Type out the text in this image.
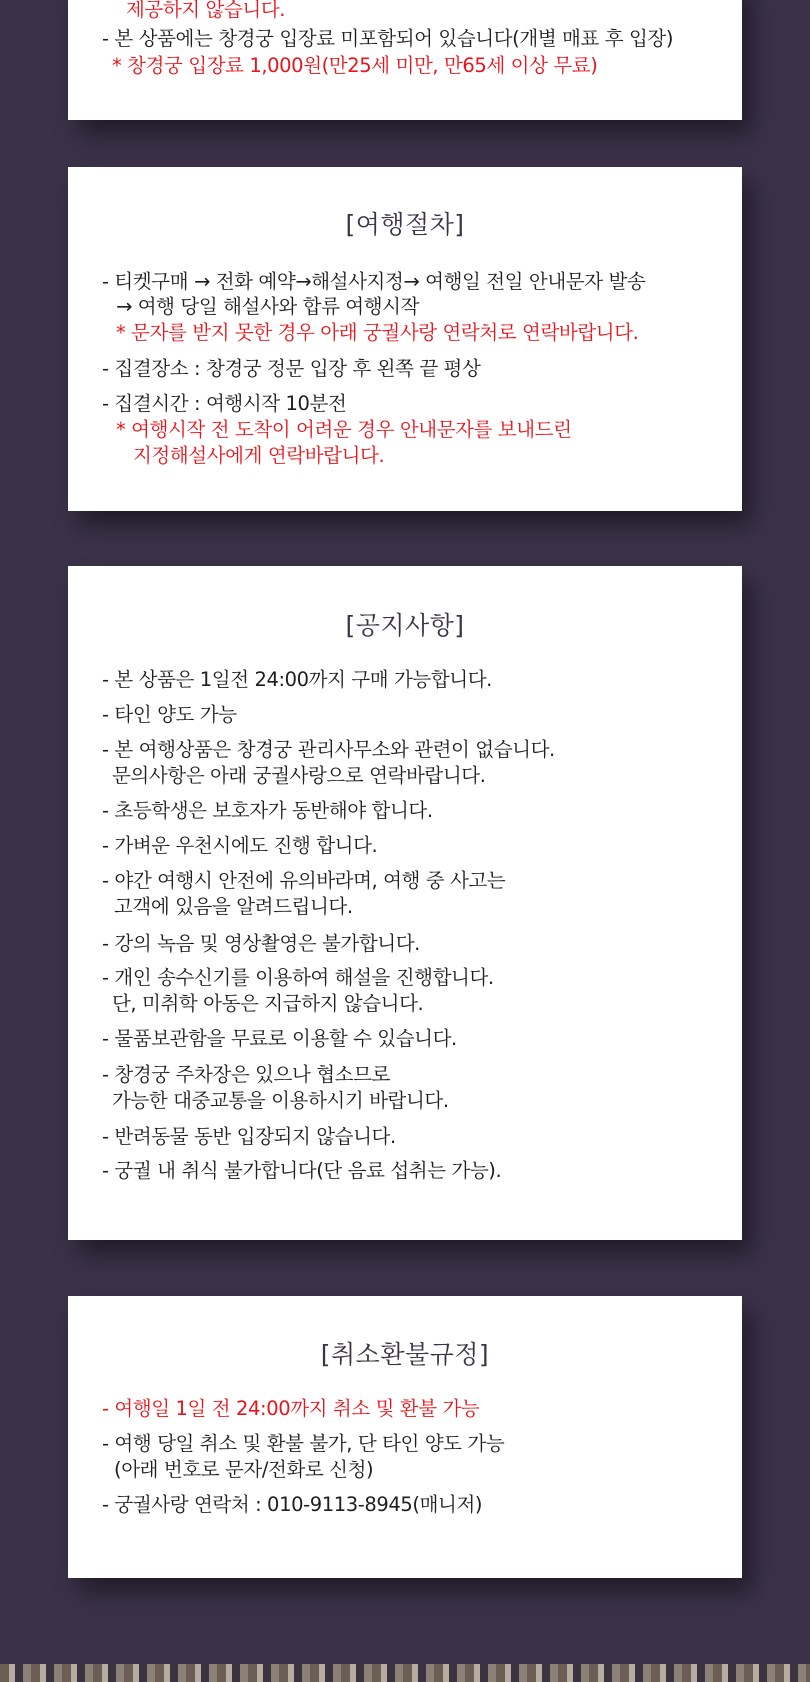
제공하지 않습니다.
- 본 상품에는 창경궁 입장료 미포함되어 있습니다(개별 매표 후 입장)
* 창경궁 입장료 1,000원(만25세 미만, 만65세 이상 무료)
[여행절차]
- 티켓구매 → 전화 예약→해설사지정→ 여행일 전일 안내문자 발송
→ 여행 당일 해설사와 합류 여행시작
* 문자를 받지 못한 경우 아래 궁궐사랑 연락처로 연락바랍니다.
- 집결장소 : 창경궁 정문 입장 후 왼쪽 끝 평상
- 집결시간 : 여행시작 10분전
* 여행시작 전 도착이 어려운 경우 안내문자를 보내드린
지정해설사에게 연락바랍니다.
[공지사항]
- 본 상품은 1일전 24:00까지 구매 가능합니다.
- 타인 양도 가능
- 본 여행상품은 창경궁 관리사무소와 관련이 없습니다.
문의사항은 아래 궁궐사랑으로 연락바랍니다.
- 초등학생은 보호자가 동반해야 합니다.
- 가벼운 우천시에도 진행 합니다.
- 야간 여행시 안전에 유의바라며, 여행 중 사고는
고객에 있음을 알려드립니다.
- 강의 녹음 및 영상촬영은 불가합니다.
- 개인 송수신기를 이용하여 해설을 진행합니다.
단, 미취학 아동은 지급하지 않습니다.
- 물품보관함을 무료로 이용할 수 있습니다.
- 창경궁 주차장은 있으나 협소므로
가능한 대중교통을 이용하시기 바랍니다.
- 반려동물 동반 입장되지 않습니다.
- 궁궐 내 취식 불가합니다(단 음료 섭취는 가능).
[취소환불규정]
- 여행일 1일 전 24:00까지 취소 및 환불 가능
- 여행 당일 취소 및 환불 불가, 단 타인 양도 가능
(아래 번호로 문자/전화로 신청)
- 궁궐사랑 연락처 : 010-9113-8945(매니저)
